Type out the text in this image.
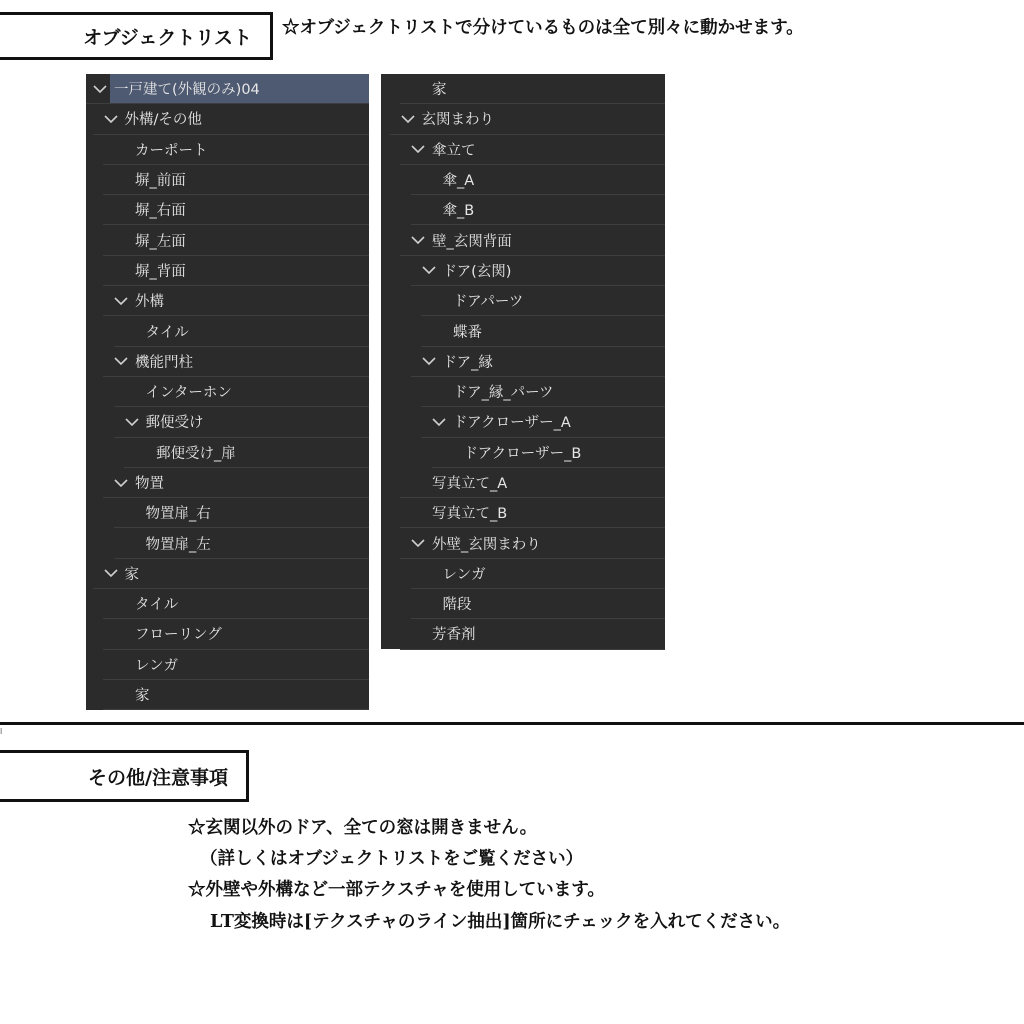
オブジェクトリスト ☆オブジェクトリストで分けているものは全て別々に動かせます。
一戸建て(外観のみ)04
外構/その他
カーポート
塀_前面
塀_右面
塀_左面
塀_背面
外構
タイル
機能門柱
インターホン
郵便受け
郵便受け_扉
物置
物置扉_右
物置扉_左
家
タイル
フローリング
レンガ
家
家
玄関まわり
傘立て
傘_A
傘_B
壁_玄関背面
ドア(玄関)
ドアパーツ
蝶番
ドア_縁
ドア_縁_パーツ
ドアクローザー_A
ドアクローザー_B
写真立て_A
写真立て_B
外壁_玄関まわり
レンガ
階段
芳香剤
l
その他/注意事項
☆玄関以外のドア、全ての窓は開きません。
（詳しくはオブジェクトリストをご覧ください）
☆外壁や外構など一部テクスチャを使用しています。
LT変換時は[テクスチャのライン抽出]箇所にチェックを入れてください。
